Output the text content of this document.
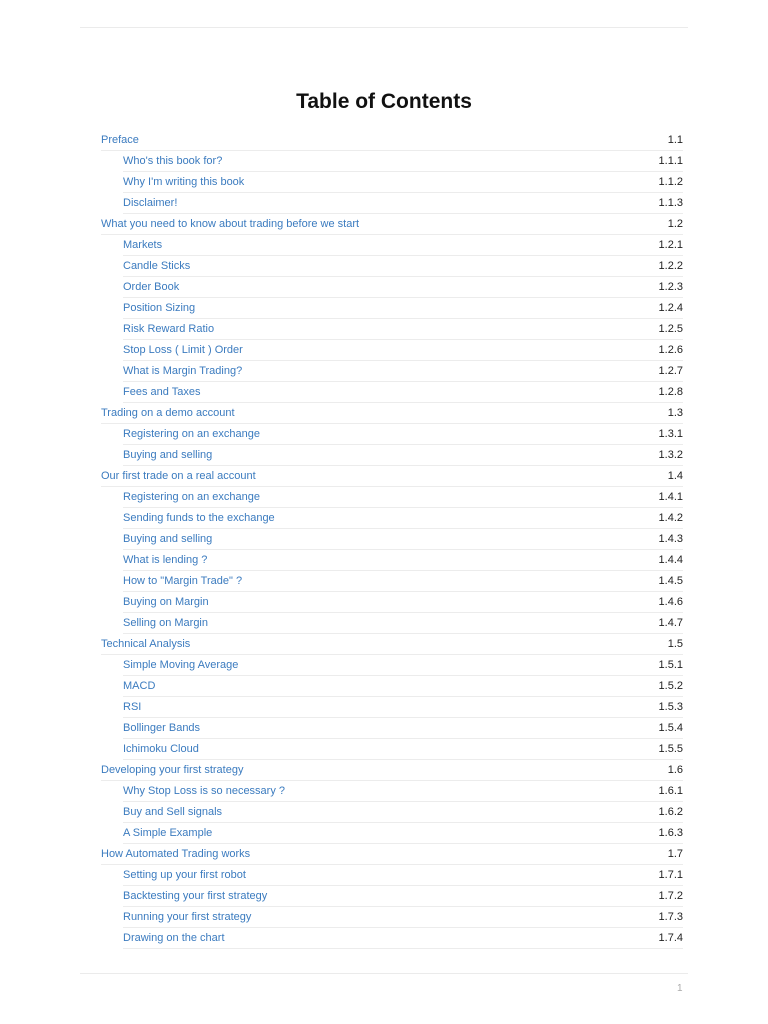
Table of Contents
Preface	1.1
Who's this book for?	1.1.1
Why I'm writing this book	1.1.2
Disclaimer!	1.1.3
What you need to know about trading before we start	1.2
Markets	1.2.1
Candle Sticks	1.2.2
Order Book	1.2.3
Position Sizing	1.2.4
Risk Reward Ratio	1.2.5
Stop Loss ( Limit ) Order	1.2.6
What is Margin Trading?	1.2.7
Fees and Taxes	1.2.8
Trading on a demo account	1.3
Registering on an exchange	1.3.1
Buying and selling	1.3.2
Our first trade on a real account	1.4
Registering on an exchange	1.4.1
Sending funds to the exchange	1.4.2
Buying and selling	1.4.3
What is lending ?	1.4.4
How to "Margin Trade" ?	1.4.5
Buying on Margin	1.4.6
Selling on Margin	1.4.7
Technical Analysis	1.5
Simple Moving Average	1.5.1
MACD	1.5.2
RSI	1.5.3
Bollinger Bands	1.5.4
Ichimoku Cloud	1.5.5
Developing your first strategy	1.6
Why Stop Loss is so necessary ?	1.6.1
Buy and Sell signals	1.6.2
A Simple Example	1.6.3
How Automated Trading works	1.7
Setting up your first robot	1.7.1
Backtesting your first strategy	1.7.2
Running your first strategy	1.7.3
Drawing on the chart	1.7.4
1
